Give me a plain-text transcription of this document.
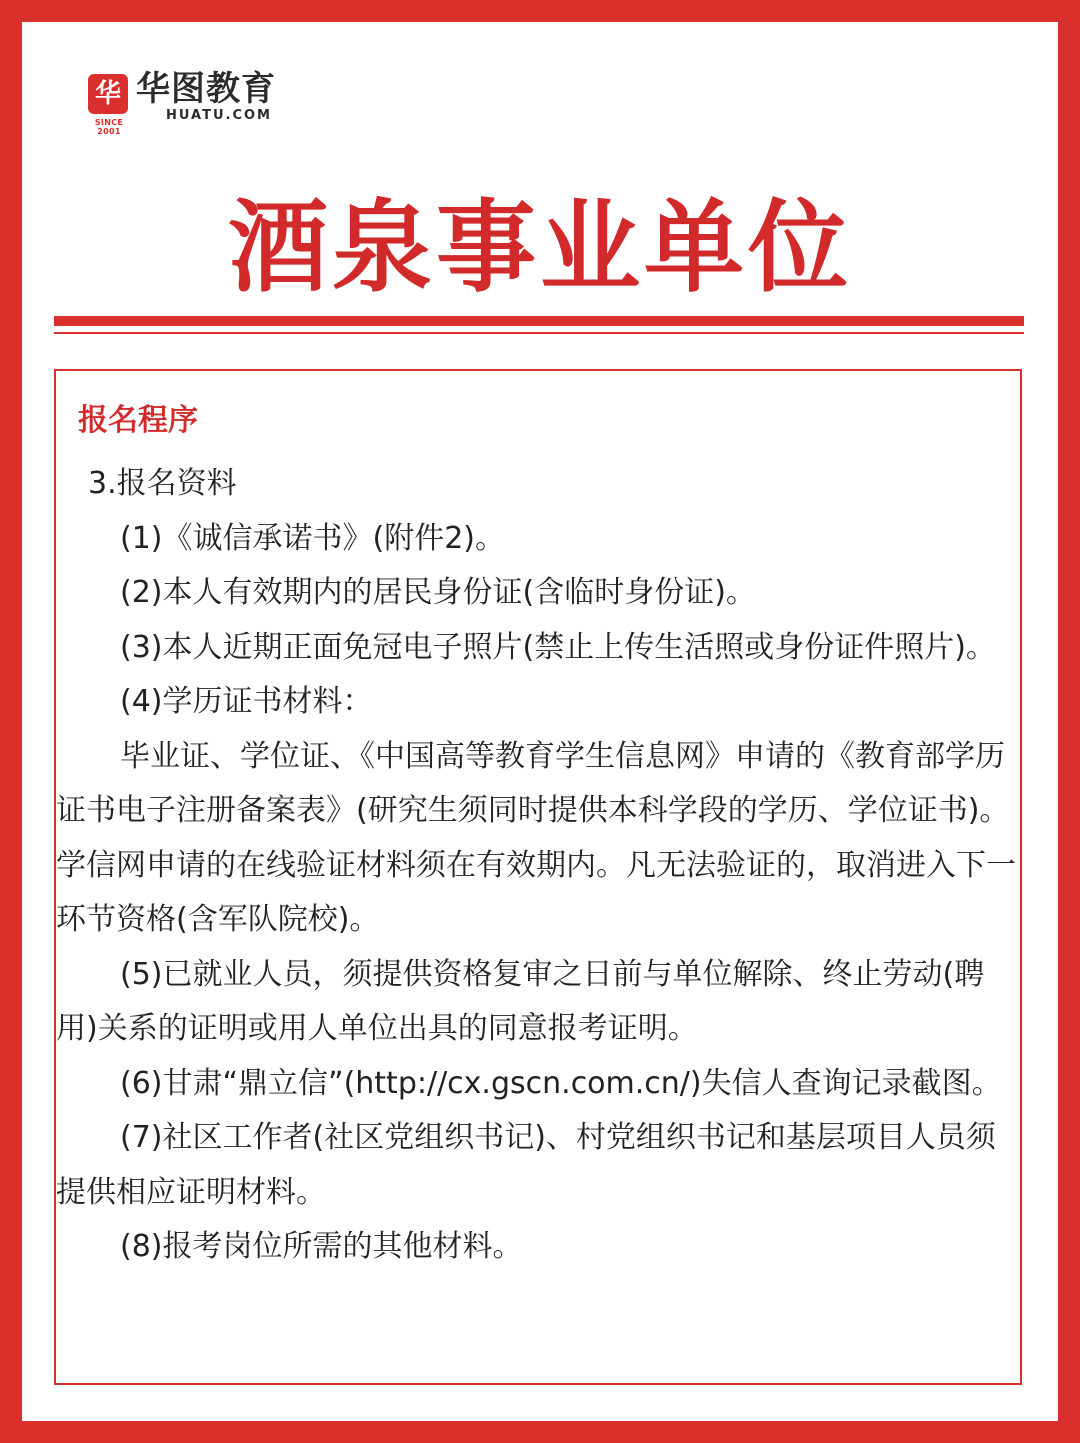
华
SINCE 2001
华图教育
HUATU.COM
酒泉事业单位
报名程序

3.报名资料

(1)《诚信承诺书》(附件2)。

(2)本人有效期内的居民身份证(含临时身份证)。

(3)本人近期正面免冠电子照片(禁止上传生活照或身份证件照片)。

(4)学历证书材料：

毕业证、学位证、《中国高等教育学生信息网》申请的《教育部学历证书电子注册备案表》(研究生须同时提供本科学段的学历、学位证书)。学信网申请的在线验证材料须在有效期内。凡无法验证的，取消进入下一环节资格(含军队院校)。

(5)已就业人员，须提供资格复审之日前与单位解除、终止劳动(聘用)关系的证明或用人单位出具的同意报考证明。

(6)甘肃“鼎立信”(http://cx.gscn.com.cn/)失信人查询记录截图。

(7)社区工作者(社区党组织书记)、村党组织书记和基层项目人员须提供相应证明材料。

(8)报考岗位所需的其他材料。
